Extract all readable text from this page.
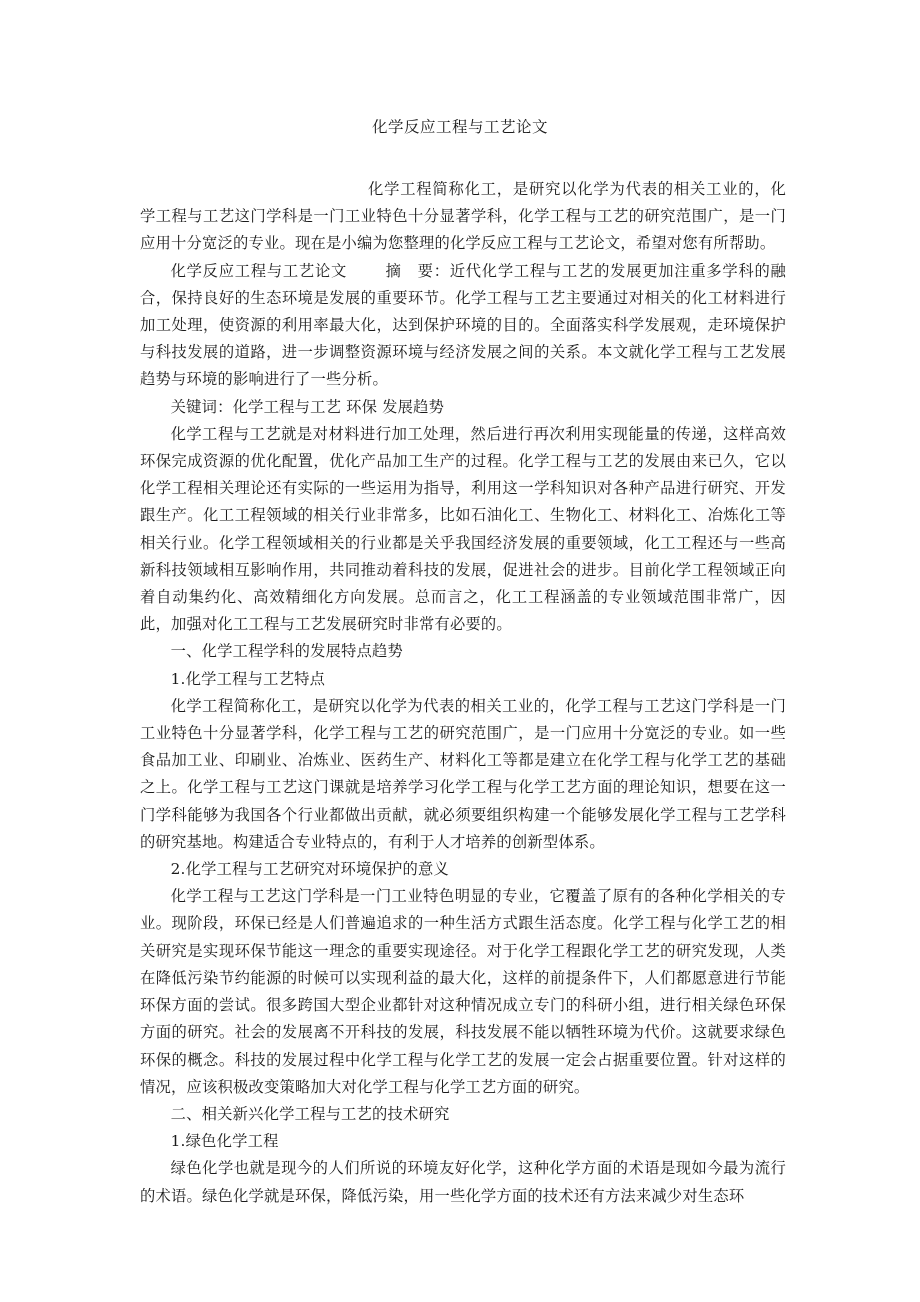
化学反应工程与工艺论文

化学工程简称化工，是研究以化学为代表的相关工业的，化学工程与工艺这门学科是一门工业特色十分显著学科，化学工程与工艺的研究范围广，是一门应用十分宽泛的专业。现在是小编为您整理的化学反应工程与工艺论文，希望对您有所帮助。

化学反应工程与工艺论文 摘　要：近代化学工程与工艺的发展更加注重多学科的融合，保持良好的生态环境是发展的重要环节。化学工程与工艺主要通过对相关的化工材料进行加工处理，使资源的利用率最大化，达到保护环境的目的。全面落实科学发展观，走环境保护与科技发展的道路，进一步调整资源环境与经济发展之间的关系。本文就化学工程与工艺发展趋势与环境的影响进行了一些分析。

关键词：化学工程与工艺 环保 发展趋势

化学工程与工艺就是对材料进行加工处理，然后进行再次利用实现能量的传递，这样高效环保完成资源的优化配置，优化产品加工生产的过程。化学工程与工艺的发展由来已久，它以化学工程相关理论还有实际的一些运用为指导，利用这一学科知识对各种产品进行研究、开发跟生产。化工工程领域的相关行业非常多，比如石油化工、生物化工、材料化工、冶炼化工等相关行业。化学工程领域相关的行业都是关乎我国经济发展的重要领域，化工工程还与一些高新科技领域相互影响作用，共同推动着科技的发展，促进社会的进步。目前化学工程领域正向着自动集约化、高效精细化方向发展。总而言之，化工工程涵盖的专业领域范围非常广，因此，加强对化工工程与工艺发展研究时非常有必要的。

一、化学工程学科的发展特点趋势

1.化学工程与工艺特点

化学工程简称化工，是研究以化学为代表的相关工业的，化学工程与工艺这门学科是一门工业特色十分显著学科，化学工程与工艺的研究范围广，是一门应用十分宽泛的专业。如一些食品加工业、印刷业、冶炼业、医药生产、材料化工等都是建立在化学工程与化学工艺的基础之上。化学工程与工艺这门课就是培养学习化学工程与化学工艺方面的理论知识，想要在这一门学科能够为我国各个行业都做出贡献，就必须要组织构建一个能够发展化学工程与工艺学科的研究基地。构建适合专业特点的，有利于人才培养的创新型体系。

2.化学工程与工艺研究对环境保护的意义

化学工程与工艺这门学科是一门工业特色明显的专业，它覆盖了原有的各种化学相关的专业。现阶段，环保已经是人们普遍追求的一种生活方式跟生活态度。化学工程与化学工艺的相关研究是实现环保节能这一理念的重要实现途径。对于化学工程跟化学工艺的研究发现，人类在降低污染节约能源的时候可以实现利益的最大化，这样的前提条件下，人们都愿意进行节能环保方面的尝试。很多跨国大型企业都针对这种情况成立专门的科研小组，进行相关绿色环保方面的研究。社会的发展离不开科技的发展，科技发展不能以牺牲环境为代价。这就要求绿色环保的概念。科技的发展过程中化学工程与化学工艺的发展一定会占据重要位置。针对这样的情况，应该积极改变策略加大对化学工程与化学工艺方面的研究。

二、相关新兴化学工程与工艺的技术研究

1.绿色化学工程

绿色化学也就是现今的人们所说的环境友好化学，这种化学方面的术语是现如今最为流行的术语。绿色化学就是环保，降低污染，用一些化学方面的技术还有方法来减少对生态环
